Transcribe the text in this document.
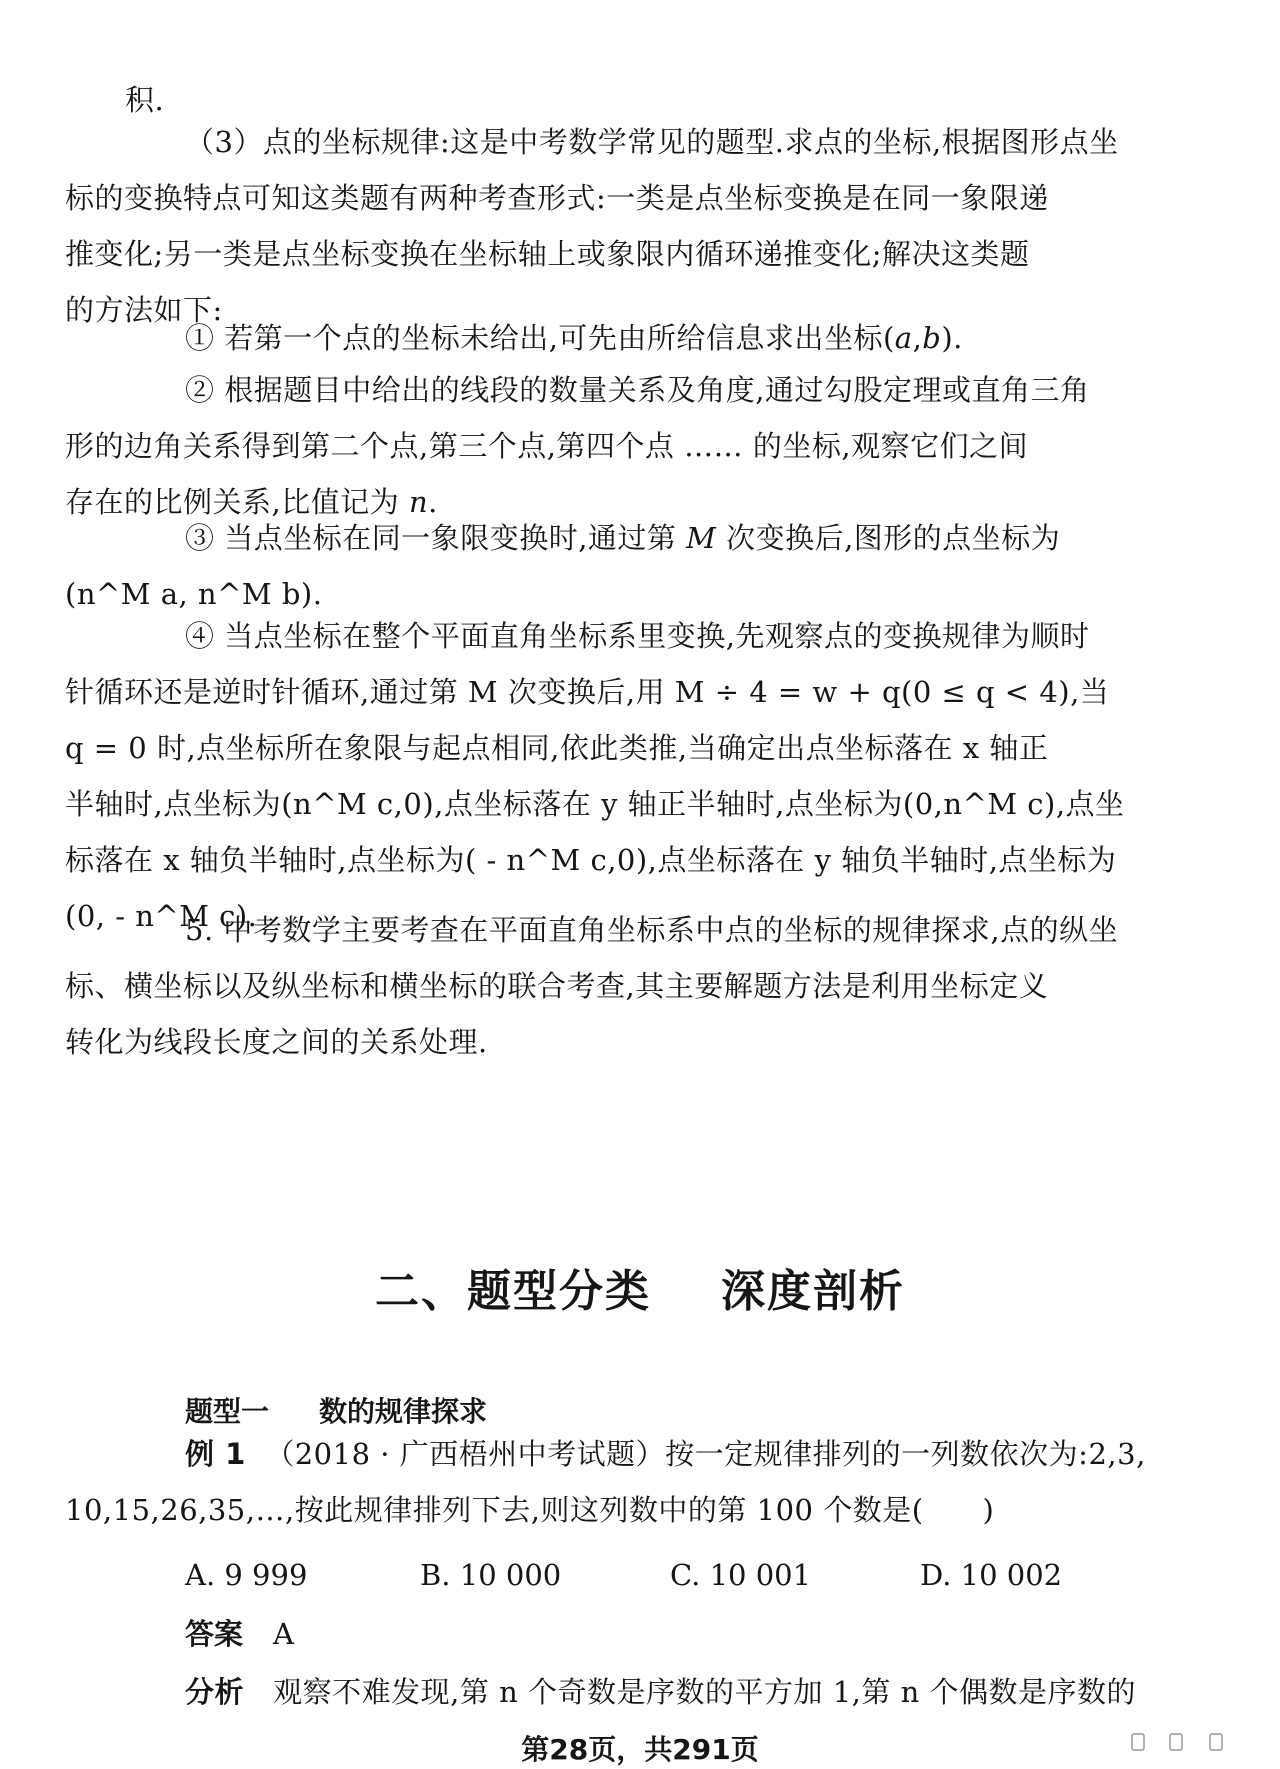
积.

（3）点的坐标规律:这是中考数学常见的题型.求点的坐标,根据图形点坐
标的变换特点可知这类题有两种考查形式:一类是点坐标变换是在同一象限递
推变化;另一类是点坐标变换在坐标轴上或象限内循环递推变化;解决这类题
的方法如下:
① 若第一个点的坐标未给出,可先由所给信息求出坐标(a,b).
② 根据题目中给出的线段的数量关系及角度,通过勾股定理或直角三角
形的边角关系得到第二个点,第三个点,第四个点 …… 的坐标,观察它们之间
存在的比例关系,比值记为 n.
③ 当点坐标在同一象限变换时,通过第 M 次变换后,图形的点坐标为
(n^M a, n^M b).
④ 当点坐标在整个平面直角坐标系里变换,先观察点的变换规律为顺时
针循环还是逆时针循环,通过第 M 次变换后,用 M ÷ 4 = w + q(0 ≤ q < 4),当
q = 0 时,点坐标所在象限与起点相同,依此类推,当确定出点坐标落在 x 轴正
半轴时,点坐标为(n^M c,0),点坐标落在 y 轴正半轴时,点坐标为(0,n^M c),点坐
标落在 x 轴负半轴时,点坐标为( - n^M c,0),点坐标落在 y 轴负半轴时,点坐标为
(0, - n^M c).
5. 中考数学主要考查在平面直角坐标系中点的坐标的规律探求,点的纵坐
标、横坐标以及纵坐标和横坐标的联合考查,其主要解题方法是利用坐标定义
转化为线段长度之间的关系处理.
二、题型分类 深度剖析
题型一 数的规律探求
例 1 （2018 · 广西梧州中考试题）按一定规律排列的一列数依次为:2,3,
10,15,26,35,…,按此规律排列下去,则这列数中的第 100 个数是(　　)
A. 9 999	B. 10 000	C. 10 001	D. 10 002
答案 A
分析 观察不难发现,第 n 个奇数是序数的平方加 1,第 n 个偶数是序数的
第28页，共291页
